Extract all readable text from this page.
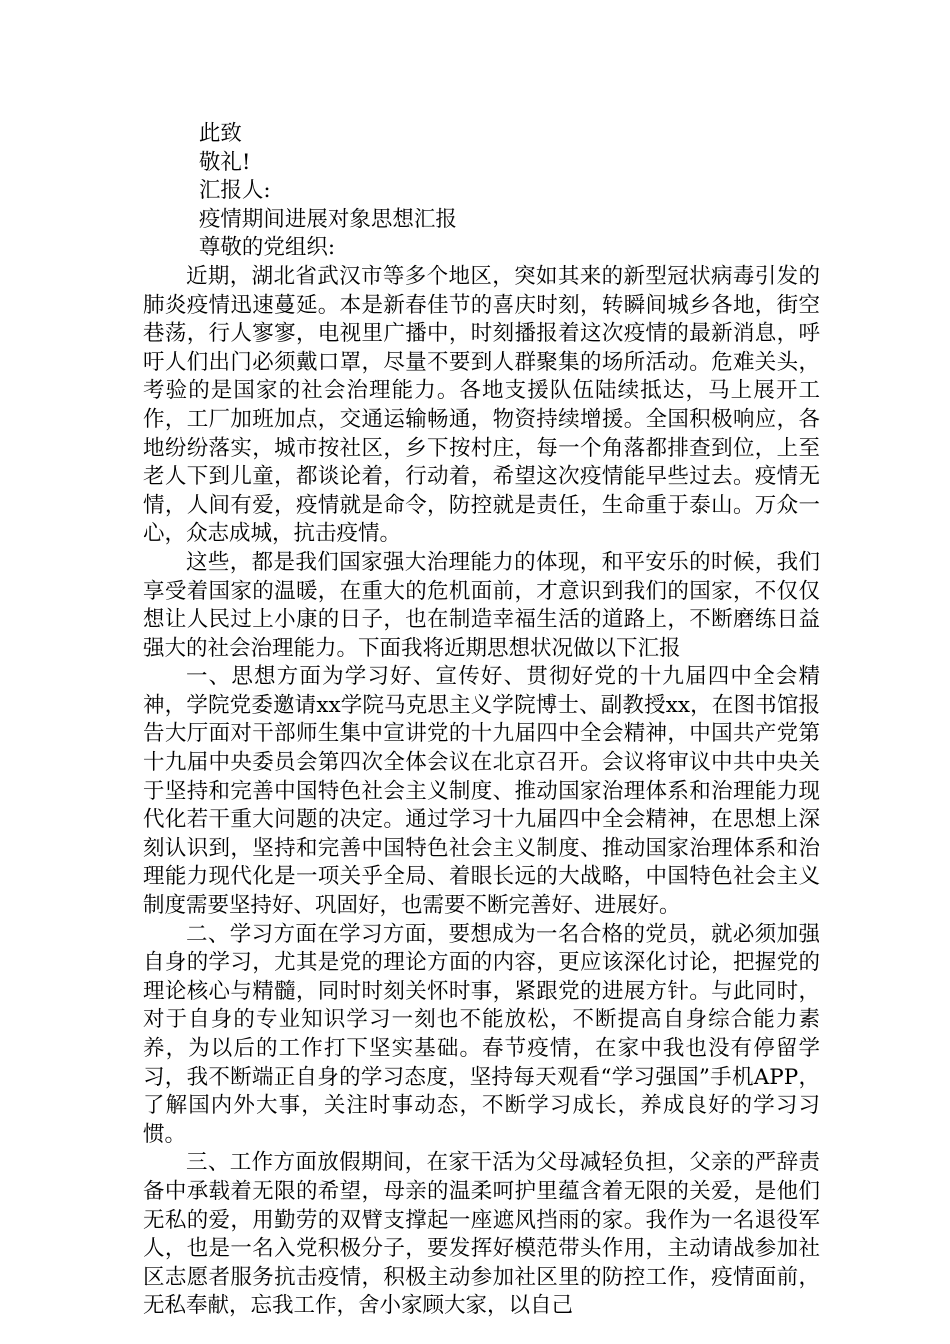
此致
敬礼!
汇报人:
疫情期间进展对象思想汇报
尊敬的党组织:

近期，湖北省武汉市等多个地区，突如其来的新型冠状病毒引发的肺炎疫情迅速蔓延。本是新春佳节的喜庆时刻，转瞬间城乡各地，街空巷荡，行人寥寥，电视里广播中，时刻播报着这次疫情的最新消息，呼吁人们出门必须戴口罩，尽量不要到人群聚集的场所活动。危难关头，考验的是国家的社会治理能力。各地支援队伍陆续抵达，马上展开工作，工厂加班加点，交通运输畅通，物资持续增援。全国积极响应，各地纷纷落实，城市按社区，乡下按村庄，每一个角落都排查到位，上至老人下到儿童，都谈论着，行动着，希望这次疫情能早些过去。疫情无情，人间有爱，疫情就是命令，防控就是责任，生命重于泰山。万众一心，众志成城，抗击疫情。

这些，都是我们国家强大治理能力的体现，和平安乐的时候，我们享受着国家的温暖，在重大的危机面前，才意识到我们的国家，不仅仅想让人民过上小康的日子，也在制造幸福生活的道路上，不断磨练日益强大的社会治理能力。下面我将近期思想状况做以下汇报

一、思想方面为学习好、宣传好、贯彻好党的十九届四中全会精神，学院党委邀请xx学院马克思主义学院博士、副教授xx，在图书馆报告大厅面对干部师生集中宣讲党的十九届四中全会精神，中国共产党第十九届中央委员会第四次全体会议在北京召开。会议将审议中共中央关于坚持和完善中国特色社会主义制度、推动国家治理体系和治理能力现代化若干重大问题的决定。通过学习十九届四中全会精神，在思想上深刻认识到，坚持和完善中国特色社会主义制度、推动国家治理体系和治理能力现代化是一项关乎全局、着眼长远的大战略，中国特色社会主义制度需要坚持好、巩固好，也需要不断完善好、进展好。

二、学习方面在学习方面，要想成为一名合格的党员，就必须加强自身的学习，尤其是党的理论方面的内容，更应该深化讨论，把握党的理论核心与精髓，同时时刻关怀时事，紧跟党的进展方针。与此同时，对于自身的专业知识学习一刻也不能放松，不断提高自身综合能力素养，为以后的工作打下坚实基础。春节疫情，在家中我也没有停留学习，我不断端正自身的学习态度，坚持每天观看“学习强国”手机APP，了解国内外大事，关注时事动态，不断学习成长，养成良好的学习习惯。

三、工作方面放假期间，在家干活为父母减轻负担，父亲的严辞责备中承载着无限的希望，母亲的温柔呵护里蕴含着无限的关爱，是他们无私的爱，用勤劳的双臂支撑起一座遮风挡雨的家。我作为一名退役军人，也是一名入党积极分子，要发挥好模范带头作用，主动请战参加社区志愿者服务抗击疫情，积极主动参加社区里的防控工作，疫情面前，无私奉献，忘我工作，舍小家顾大家，以自己
